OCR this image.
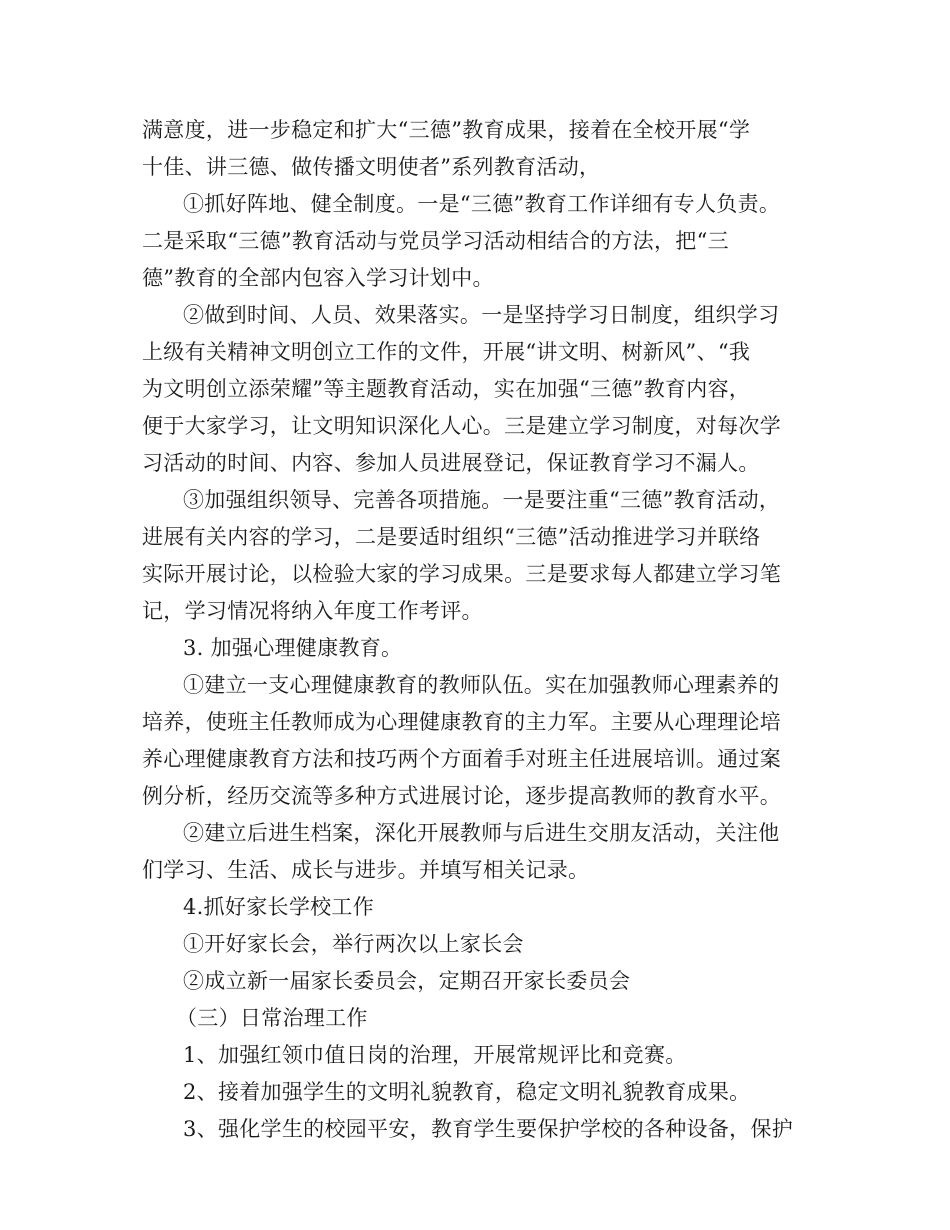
满意度，进一步稳定和扩大“三德”教育成果，接着在全校开展“学
十佳、讲三德、做传播文明使者”系列教育活动，
①抓好阵地、健全制度。一是“三德”教育工作详细有专人负责。
二是采取“三德”教育活动与党员学习活动相结合的方法，把“三
德”教育的全部内包容入学习计划中。
②做到时间、人员、效果落实。一是坚持学习日制度，组织学习
上级有关精神文明创立工作的文件，开展“讲文明、树新风”、“我
为文明创立添荣耀”等主题教育活动，实在加强“三德”教育内容，
便于大家学习，让文明知识深化人心。三是建立学习制度，对每次学
习活动的时间、内容、参加人员进展登记，保证教育学习不漏人。
③加强组织领导、完善各项措施。一是要注重“三德”教育活动，
进展有关内容的学习，二是要适时组织“三德”活动推进学习并联络
实际开展讨论，以检验大家的学习成果。三是要求每人都建立学习笔
记，学习情况将纳入年度工作考评。
3. 加强心理健康教育。
①建立一支心理健康教育的教师队伍。实在加强教师心理素养的
培养，使班主任教师成为心理健康教育的主力军。主要从心理理论培
养心理健康教育方法和技巧两个方面着手对班主任进展培训。通过案
例分析，经历交流等多种方式进展讨论，逐步提高教师的教育水平。
②建立后进生档案，深化开展教师与后进生交朋友活动，关注他
们学习、生活、成长与进步。并填写相关记录。
4.抓好家长学校工作
①开好家长会，举行两次以上家长会
②成立新一届家长委员会，定期召开家长委员会
（三）日常治理工作
1、加强红领巾值日岗的治理，开展常规评比和竞赛。
2、接着加强学生的文明礼貌教育，稳定文明礼貌教育成果。
3、强化学生的校园平安，教育学生要保护学校的各种设备，保护
